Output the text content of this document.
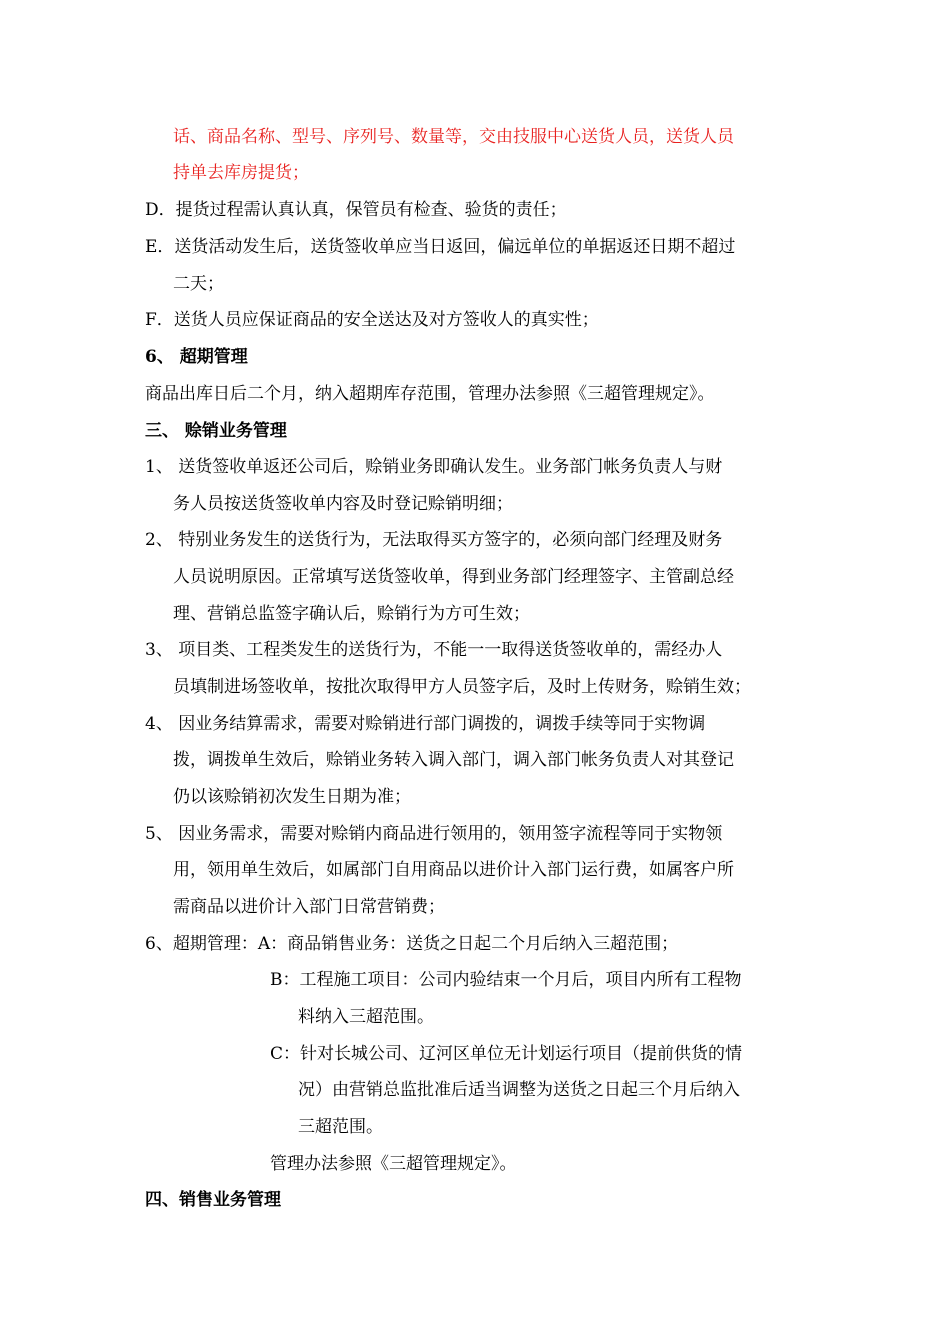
话、商品名称、型号、序列号、数量等，交由技服中心送货人员，送货人员
持单去库房提货；
D．提货过程需认真认真，保管员有检查、验货的责任；
E．送货活动发生后，送货签收单应当日返回，偏远单位的单据返还日期不超过
二天；
F．送货人员应保证商品的安全送达及对方签收人的真实性；
6、 超期管理
商品出库日后二个月，纳入超期库存范围，管理办法参照《三超管理规定》。
三、 赊销业务管理
1、 送货签收单返还公司后，赊销业务即确认发生。业务部门帐务负责人与财
务人员按送货签收单内容及时登记赊销明细；
2、 特别业务发生的送货行为，无法取得买方签字的，必须向部门经理及财务
人员说明原因。正常填写送货签收单，得到业务部门经理签字、主管副总经
理、营销总监签字确认后，赊销行为方可生效；
3、 项目类、工程类发生的送货行为，不能一一取得送货签收单的，需经办人
员填制进场签收单，按批次取得甲方人员签字后，及时上传财务，赊销生效；
4、 因业务结算需求，需要对赊销进行部门调拨的，调拨手续等同于实物调
拨，调拨单生效后，赊销业务转入调入部门，调入部门帐务负责人对其登记
仍以该赊销初次发生日期为准；
5、 因业务需求，需要对赊销内商品进行领用的，领用签字流程等同于实物领
用，领用单生效后，如属部门自用商品以进价计入部门运行费，如属客户所
需商品以进价计入部门日常营销费；
6、超期管理：A：商品销售业务：送货之日起二个月后纳入三超范围；
B：工程施工项目：公司内验结束一个月后，项目内所有工程物
料纳入三超范围。
C：针对长城公司、辽河区单位无计划运行项目（提前供货的情
况）由营销总监批准后适当调整为送货之日起三个月后纳入
三超范围。
管理办法参照《三超管理规定》。
四、销售业务管理
